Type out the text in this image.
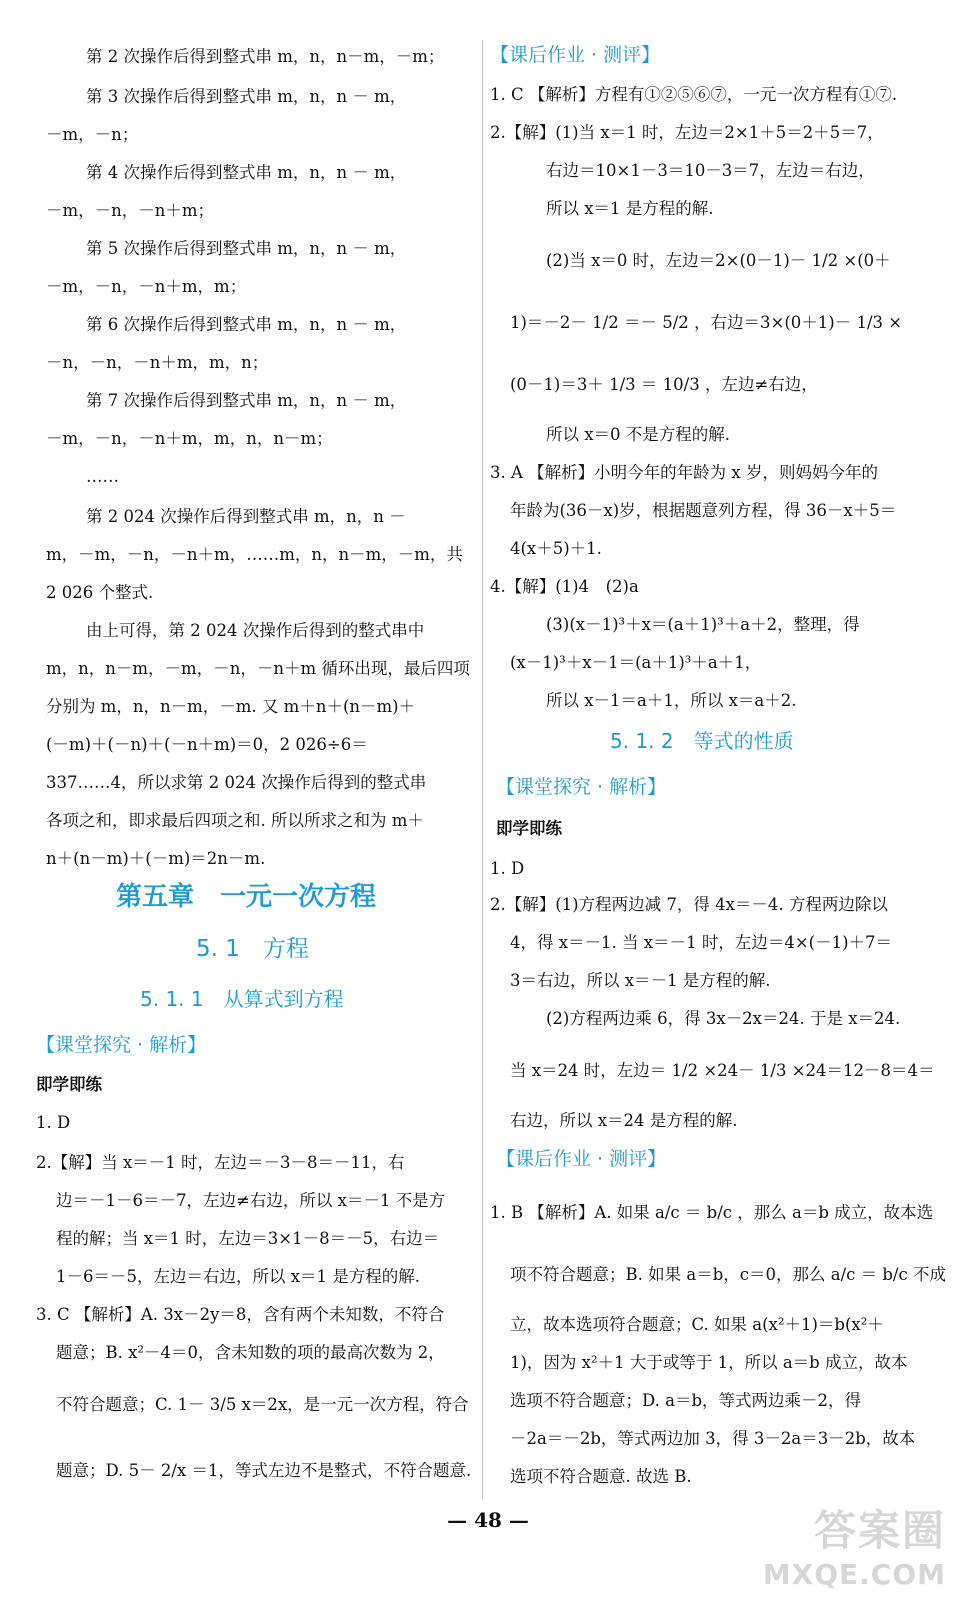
第五章　一元一次方程
5. 1　方程
5. 1. 1　从算式到方程
【课堂探究 · 解析】
即学即练
第 2 次操作后得到整式串 m，n，n－m，－m；
第 3 次操作后得到整式串 m，n，n － m，
－m，－n；
第 4 次操作后得到整式串 m，n，n － m，
－m，－n，－n＋m；
第 5 次操作后得到整式串 m，n，n － m，
－m，－n，－n＋m，m；
第 6 次操作后得到整式串 m，n，n － m，
－n，－n，－n＋m，m，n；
第 7 次操作后得到整式串 m，n，n － m，
－m，－n，－n＋m，m，n，n－m；
……
第 2 024 次操作后得到整式串 m，n，n －
m，－m，－n，－n＋m，……m，n，n－m，－m，共
2 026 个整式.
由上可得，第 2 024 次操作后得到的整式串中
m，n，n－m，－m，－n，－n＋m 循环出现，最后四项
分别为 m，n，n－m，－m. 又 m＋n＋(n－m)＋
(－m)＋(－n)＋(－n＋m)＝0，2 026÷6＝
337……4，所以求第 2 024 次操作后得到的整式串
各项之和，即求最后四项之和. 所以所求之和为 m＋
n＋(n－m)＋(－m)＝2n－m.
1. D
2.【解】当 x＝－1 时，左边＝－3－8＝－11，右
边＝－1－6＝－7，左边≠右边，所以 x＝－1 不是方
程的解；当 x＝1 时，左边＝3×1－8＝－5，右边＝
1－6＝－5，左边＝右边，所以 x＝1 是方程的解.
3. C 【解析】A. 3x－2y＝8，含有两个未知数，不符合
题意；B. x²－4＝0，含未知数的项的最高次数为 2，
不符合题意；C. 1－ 3/5 x＝2x，是一元一次方程，符合
题意；D. 5－ 2/x ＝1，等式左边不是整式，不符合题意.
【课后作业 · 测评】
5. 1. 2　等式的性质
【课堂探究 · 解析】
即学即练
【课后作业 · 测评】
1. C 【解析】方程有①②⑤⑥⑦，一元一次方程有①⑦.
2.【解】(1)当 x＝1 时，左边＝2×1＋5＝2＋5＝7，
右边＝10×1－3＝10－3＝7，左边＝右边，
所以 x＝1 是方程的解.
(2)当 x＝0 时，左边＝2×(0－1)－ 1/2 ×(0＋
1)＝－2－ 1/2 ＝－ 5/2 ，右边＝3×(0＋1)－ 1/3 ×
(0－1)＝3＋ 1/3 ＝ 10/3 ，左边≠右边，
所以 x＝0 不是方程的解.
3. A 【解析】小明今年的年龄为 x 岁，则妈妈今年的
年龄为(36－x)岁，根据题意列方程，得 36－x＋5＝
4(x＋5)＋1.
4.【解】(1)4　(2)a
(3)(x－1)³＋x＝(a＋1)³＋a＋2，整理，得
(x－1)³＋x－1＝(a＋1)³＋a＋1，
所以 x－1＝a＋1，所以 x＝a＋2.
1. D
2.【解】(1)方程两边减 7，得 4x＝－4. 方程两边除以
4，得 x＝－1. 当 x＝－1 时，左边＝4×(－1)＋7＝
3＝右边，所以 x＝－1 是方程的解.
(2)方程两边乘 6，得 3x－2x＝24. 于是 x＝24.
当 x＝24 时，左边＝ 1/2 ×24－ 1/3 ×24＝12－8＝4＝
右边，所以 x＝24 是方程的解.
1. B 【解析】A. 如果 a/c ＝ b/c ，那么 a＝b 成立，故本选
项不符合题意；B. 如果 a＝b，c＝0，那么 a/c ＝ b/c 不成
立，故本选项符合题意；C. 如果 a(x²＋1)＝b(x²＋
1)，因为 x²＋1 大于或等于 1，所以 a＝b 成立，故本
选项不符合题意；D. a＝b，等式两边乘－2，得
－2a＝－2b，等式两边加 3，得 3－2a＝3－2b，故本
选项不符合题意. 故选 B.
— 48 —	答案圈
MXQE.COM
